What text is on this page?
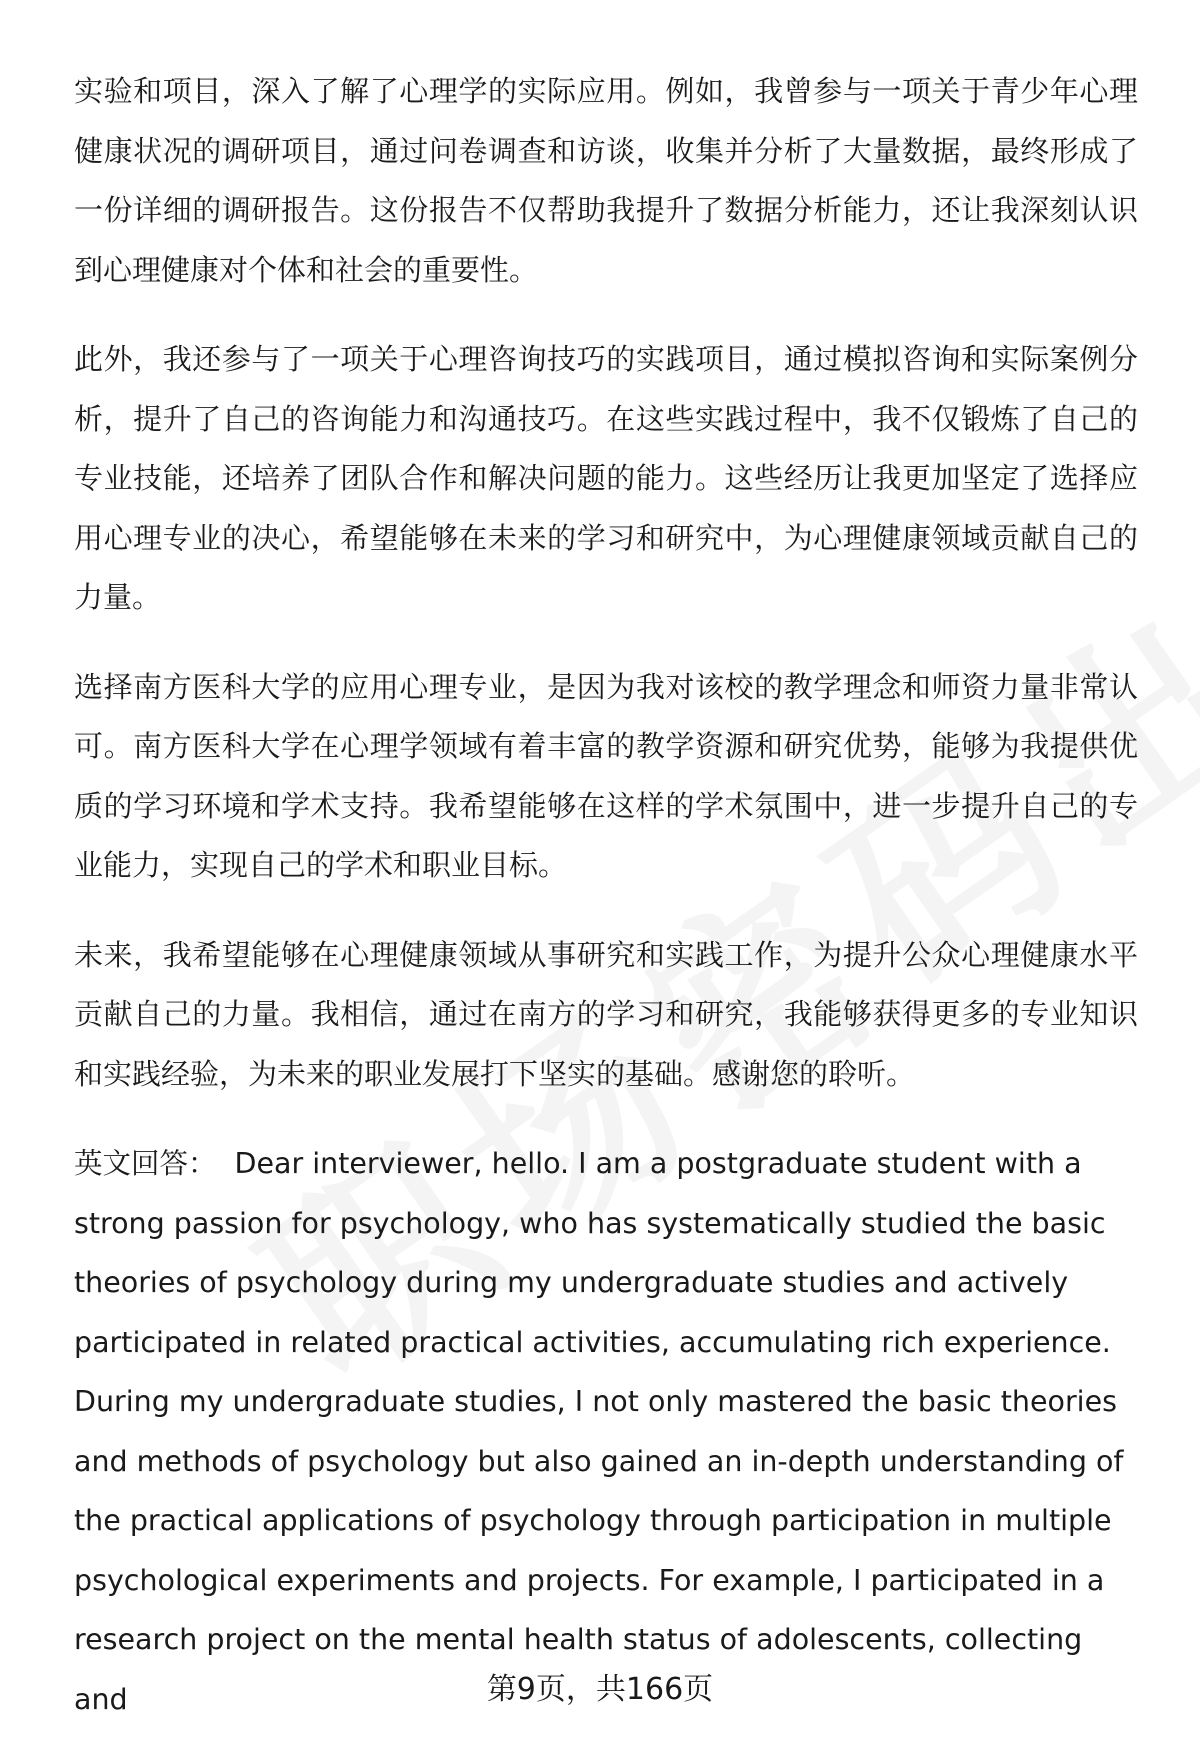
实验和项目，深入了解了心理学的实际应用。例如，我曾参与一项关于青少年心理健康状况的调研项目，通过问卷调查和访谈，收集并分析了大量数据，最终形成了一份详细的调研报告。这份报告不仅帮助我提升了数据分析能力，还让我深刻认识到心理健康对个体和社会的重要性。

此外，我还参与了一项关于心理咨询技巧的实践项目，通过模拟咨询和实际案例分析，提升了自己的咨询能力和沟通技巧。在这些实践过程中，我不仅锻炼了自己的专业技能，还培养了团队合作和解决问题的能力。这些经历让我更加坚定了选择应用心理专业的决心，希望能够在未来的学习和研究中，为心理健康领域贡献自己的力量。

选择南方医科大学的应用心理专业，是因为我对该校的教学理念和师资力量非常认可。南方医科大学在心理学领域有着丰富的教学资源和研究优势，能够为我提供优质的学习环境和学术支持。我希望能够在这样的学术氛围中，进一步提升自己的专业能力，实现自己的学术和职业目标。

未来，我希望能够在心理健康领域从事研究和实践工作，为提升公众心理健康水平贡献自己的力量。我相信，通过在南方的学习和研究，我能够获得更多的专业知识和实践经验，为未来的职业发展打下坚实的基础。感谢您的聆听。

英文回答： Dear interviewer, hello. I am a postgraduate student with a strong passion for psychology, who has systematically studied the basic theories of psychology during my undergraduate studies and actively participated in related practical activities, accumulating rich experience. During my undergraduate studies, I not only mastered the basic theories and methods of psychology but also gained an in-depth understanding of the practical applications of psychology through participation in multiple psychological experiments and projects. For example, I participated in a research project on the mental health status of adolescents, collecting and	第9页，共166页
